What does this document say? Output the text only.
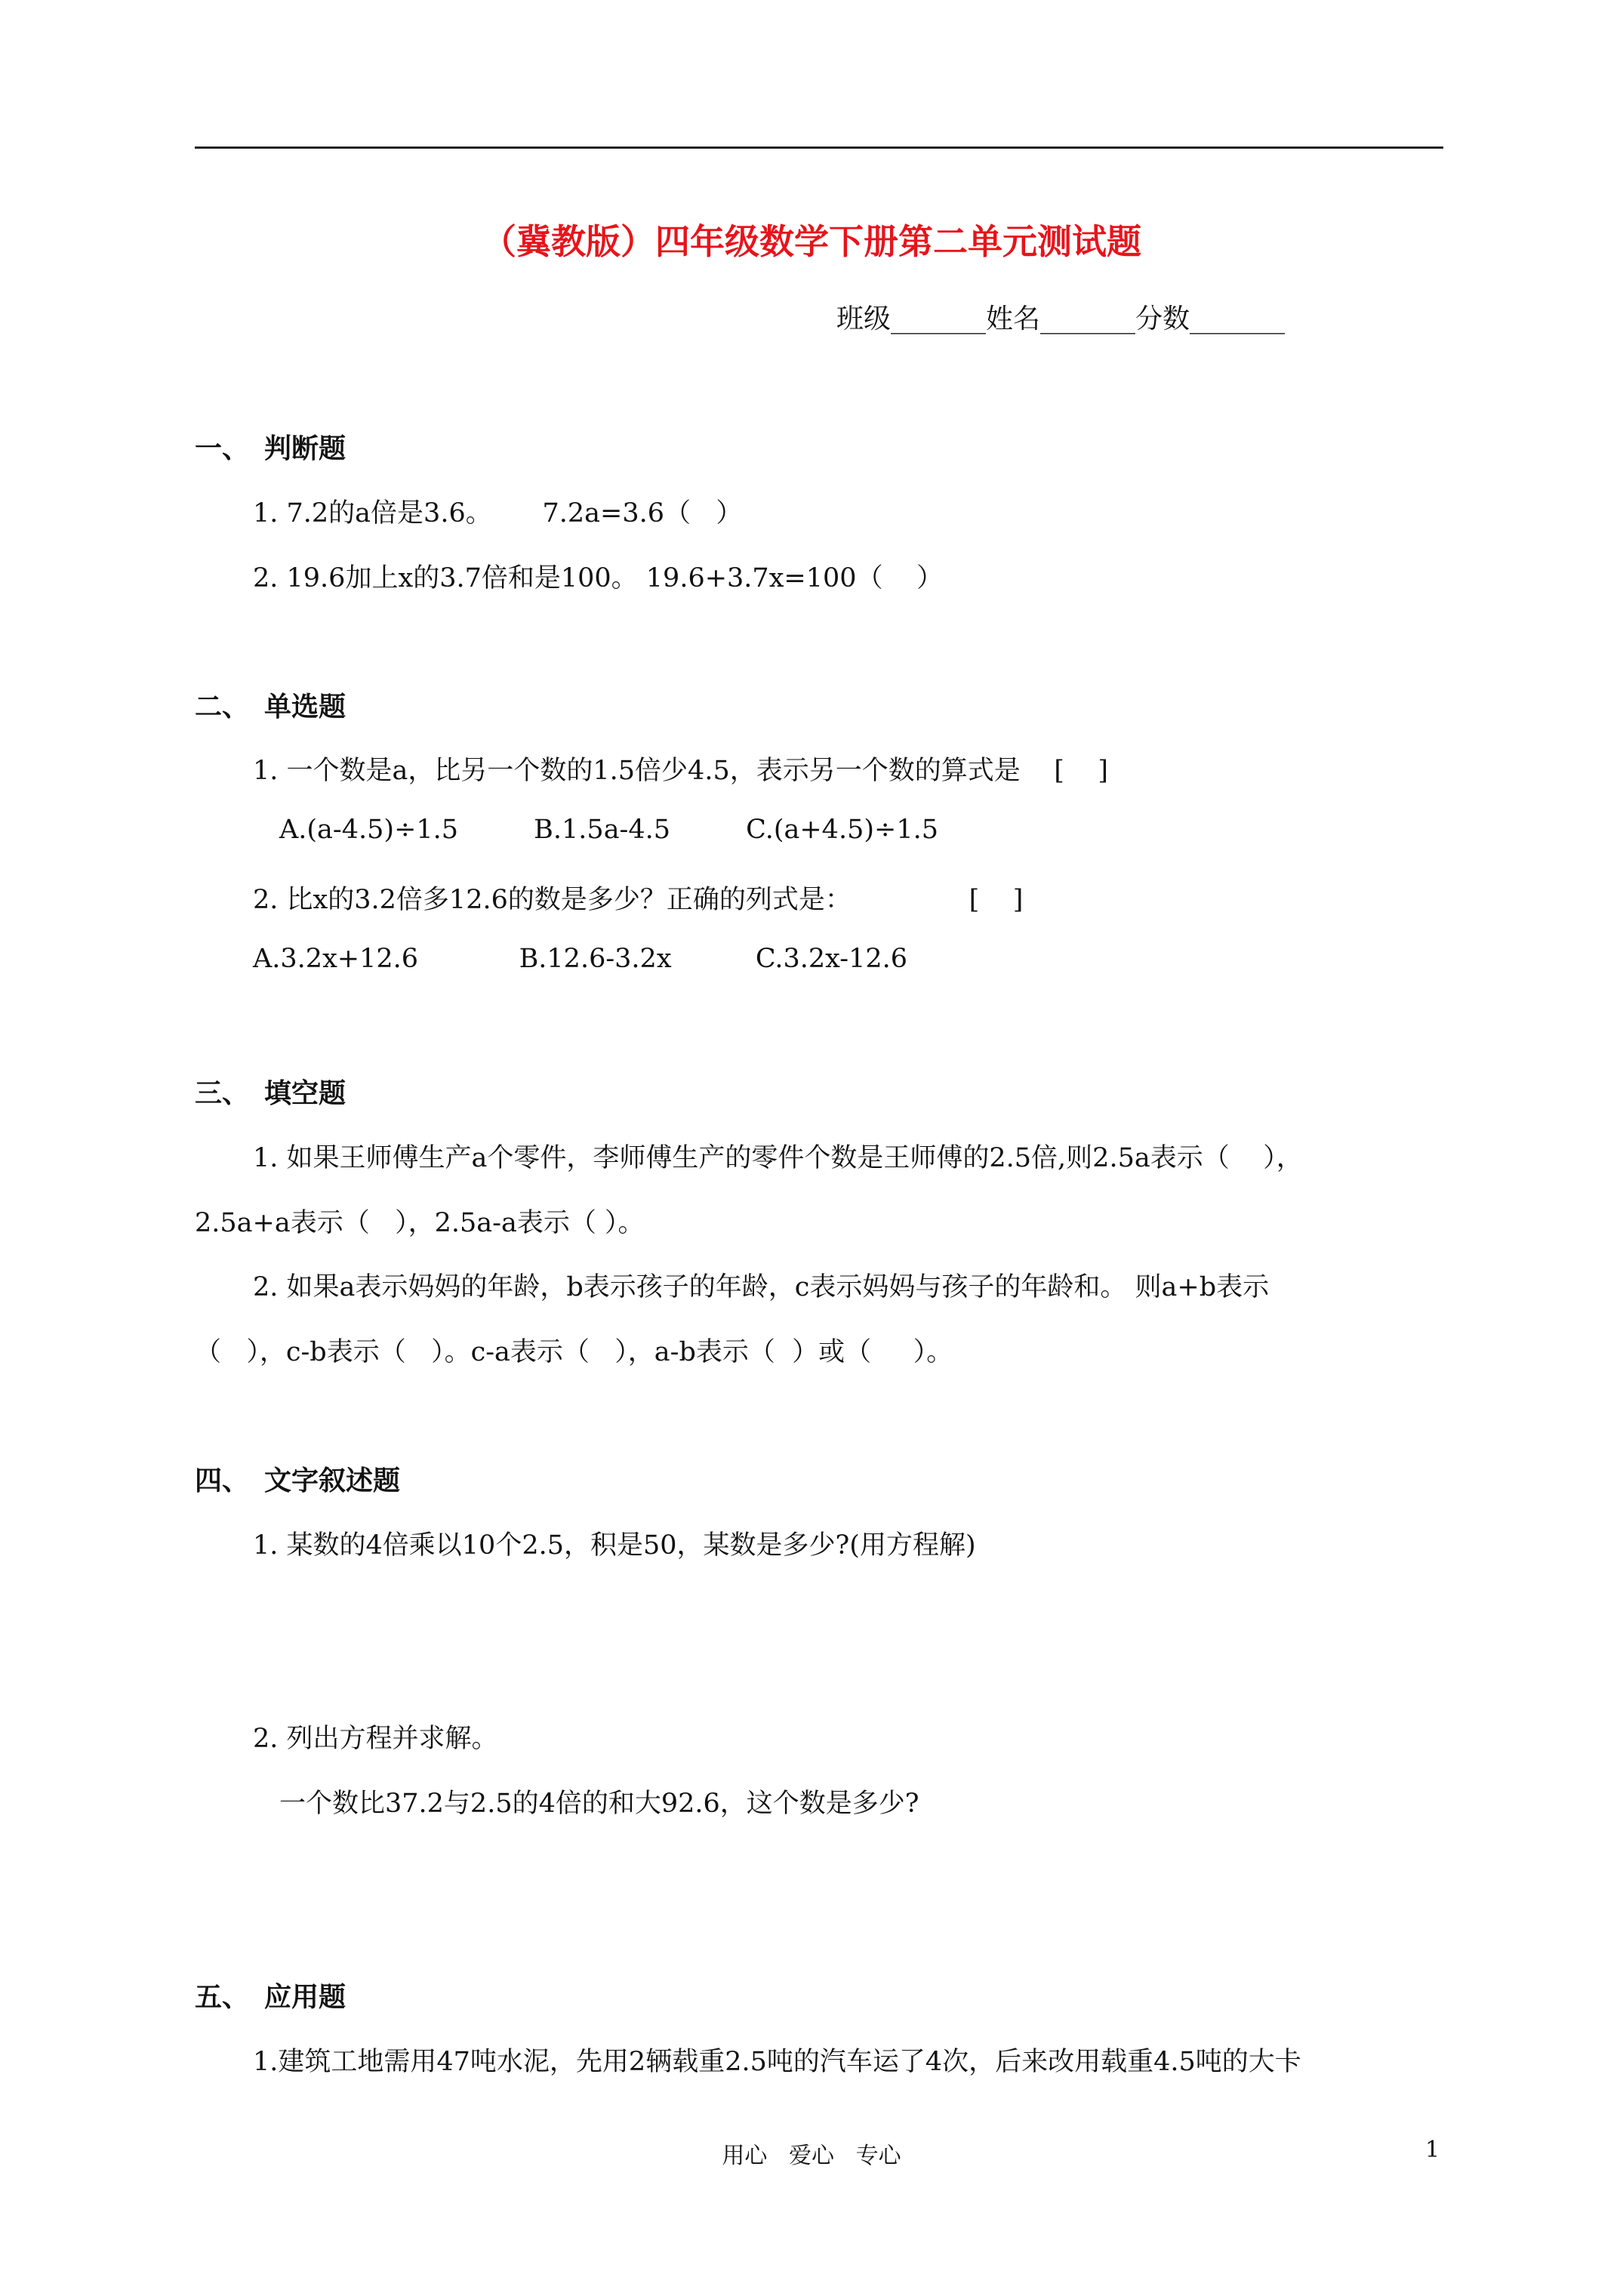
（冀教版）四年级数学下册第二单元测试题
班级_______姓名_______分数_______
一、 判断题
1. 7.2的a倍是3.6。      7.2a=3.6（   ）
2. 19.6加上x的3.7倍和是100。 19.6+3.7x=100（    ）
二、 单选题
1. 一个数是a，比另一个数的1.5倍少4.5，表示另一个数的算式是    [    ]
A.(a-4.5)÷1.5         B.1.5a-4.5         C.(a+4.5)÷1.5
2. 比x的3.2倍多12.6的数是多少？正确的列式是：              [    ]
A.3.2x+12.6            B.12.6-3.2x          C.3.2x-12.6
三、 填空题
1. 如果王师傅生产a个零件，李师傅生产的零件个数是王师傅的2.5倍,则2.5a表示（    ），
2.5a+a表示（   ），2.5a-a表示（ ）。
2. 如果a表示妈妈的年龄，b表示孩子的年龄，c表示妈妈与孩子的年龄和。 则a+b表示
（   ），c-b表示（   ）。c-a表示（   ），a-b表示（  ）或（     ）。
四、 文字叙述题
1. 某数的4倍乘以10个2.5，积是50，某数是多少?(用方程解)
2. 列出方程并求解。
一个数比37.2与2.5的4倍的和大92.6，这个数是多少?
五、 应用题
1.建筑工地需用47吨水泥，先用2辆载重2.5吨的汽车运了4次，后来改用载重4.5吨的大卡
用心   爱心   专心	1
